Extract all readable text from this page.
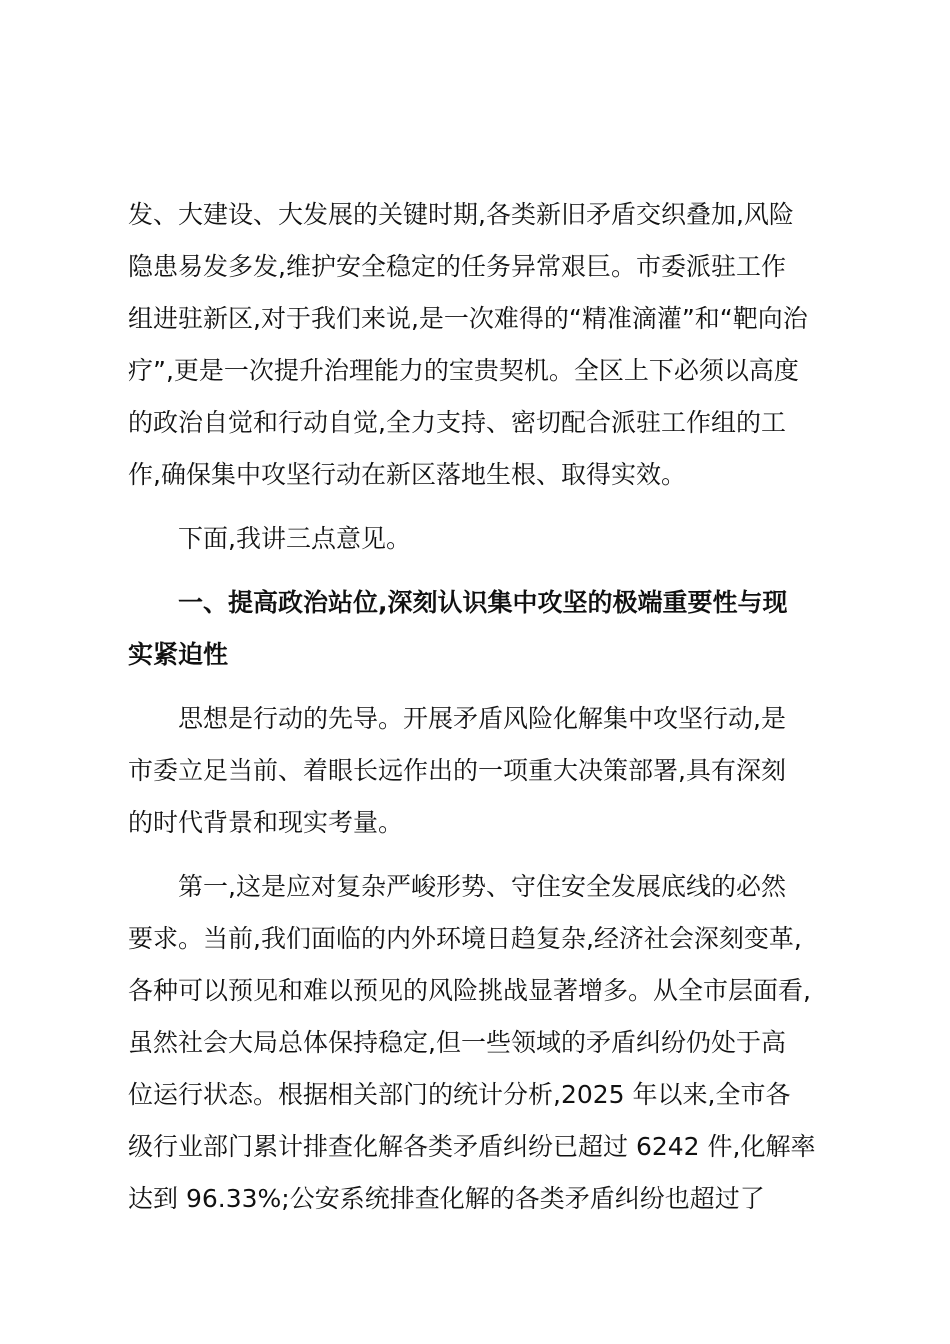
发、大建设、大发展的关键时期,各类新旧矛盾交织叠加,风险
隐患易发多发,维护安全稳定的任务异常艰巨。市委派驻工作
组进驻新区,对于我们来说,是一次难得的“精准滴灌”和“靶向治
疗”,更是一次提升治理能力的宝贵契机。全区上下必须以高度
的政治自觉和行动自觉,全力支持、密切配合派驻工作组的工
作,确保集中攻坚行动在新区落地生根、取得实效。
下面,我讲三点意见。
一、提高政治站位,深刻认识集中攻坚的极端重要性与现
实紧迫性
思想是行动的先导。开展矛盾风险化解集中攻坚行动,是
市委立足当前、着眼长远作出的一项重大决策部署,具有深刻
的时代背景和现实考量。
第一,这是应对复杂严峻形势、守住安全发展底线的必然
要求。当前,我们面临的内外环境日趋复杂,经济社会深刻变革,
各种可以预见和难以预见的风险挑战显著增多。从全市层面看,
虽然社会大局总体保持稳定,但一些领域的矛盾纠纷仍处于高
位运行状态。根据相关部门的统计分析,2025 年以来,全市各
级行业部门累计排查化解各类矛盾纠纷已超过 6242 件,化解率
达到 96.33%;公安系统排查化解的各类矛盾纠纷也超过了
